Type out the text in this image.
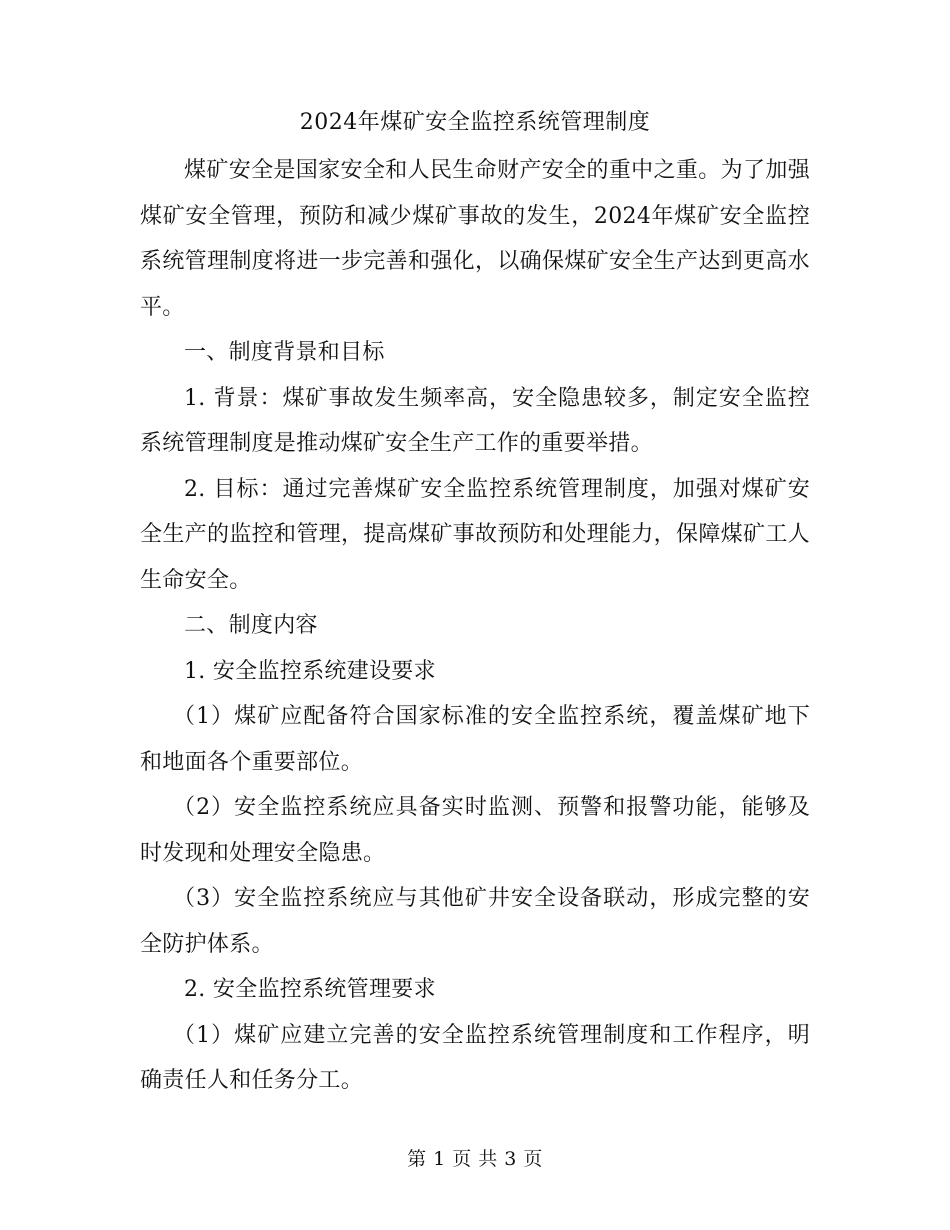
2024年煤矿安全监控系统管理制度

煤矿安全是国家安全和人民生命财产安全的重中之重。为了加强煤矿安全管理，预防和减少煤矿事故的发生，2024年煤矿安全监控系统管理制度将进一步完善和强化，以确保煤矿安全生产达到更高水平。

一、制度背景和目标

1. 背景：煤矿事故发生频率高，安全隐患较多，制定安全监控系统管理制度是推动煤矿安全生产工作的重要举措。

2. 目标：通过完善煤矿安全监控系统管理制度，加强对煤矿安全生产的监控和管理，提高煤矿事故预防和处理能力，保障煤矿工人生命安全。

二、制度内容

1. 安全监控系统建设要求

（1）煤矿应配备符合国家标准的安全监控系统，覆盖煤矿地下和地面各个重要部位。

（2）安全监控系统应具备实时监测、预警和报警功能，能够及时发现和处理安全隐患。

（3）安全监控系统应与其他矿井安全设备联动，形成完整的安全防护体系。

2. 安全监控系统管理要求

（1）煤矿应建立完善的安全监控系统管理制度和工作程序，明确责任人和任务分工。

第 1 页 共 3 页
